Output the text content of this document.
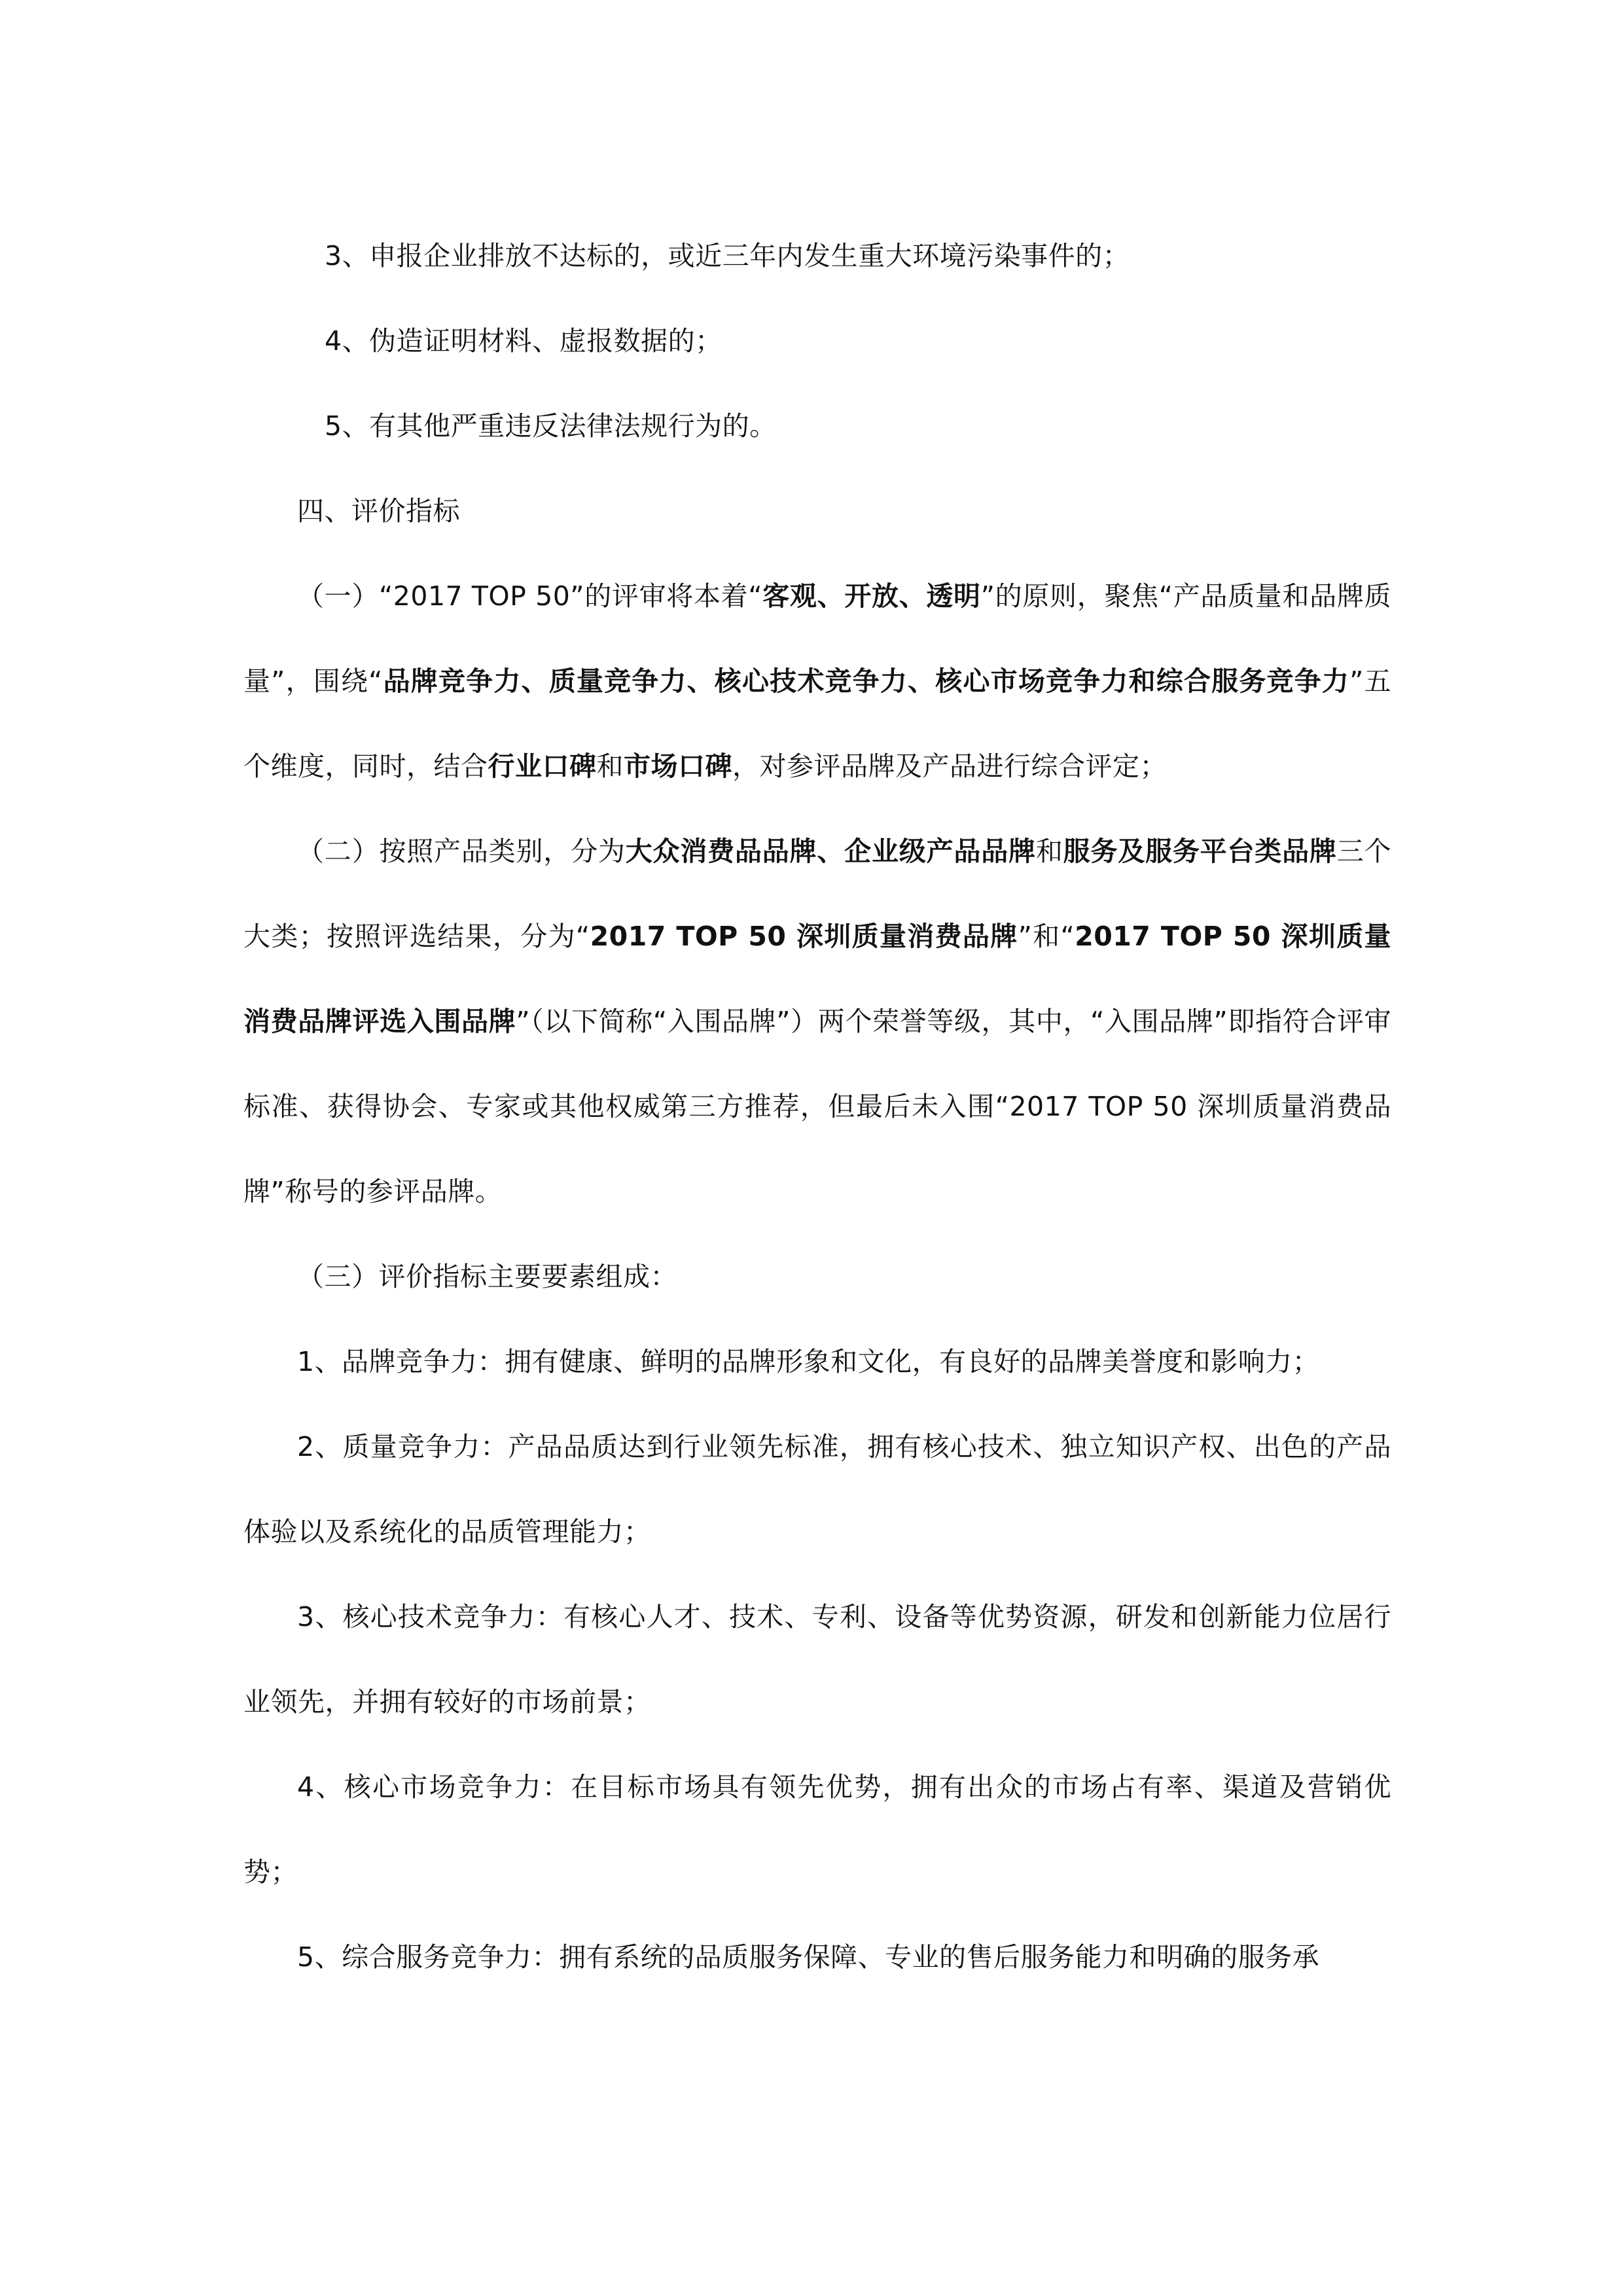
3、申报企业排放不达标的，或近三年内发生重大环境污染事件的；

4、伪造证明材料、虚报数据的；

5、有其他严重违反法律法规行为的。

四、评价指标

（一）“2017 TOP 50”的评审将本着“客观、开放、透明”的原则，聚焦“产品质量和品牌质量”，围绕“品牌竞争力、质量竞争力、核心技术竞争力、核心市场竞争力和综合服务竞争力”五个维度，同时，结合行业口碑和市场口碑，对参评品牌及产品进行综合评定；

（二）按照产品类别，分为大众消费品品牌、企业级产品品牌和服务及服务平台类品牌三个大类；按照评选结果，分为“2017 TOP 50 深圳质量消费品牌”和“2017 TOP 50 深圳质量消费品牌评选入围品牌”（以下简称“入围品牌”）两个荣誉等级，其中，“入围品牌”即指符合评审标准、获得协会、专家或其他权威第三方推荐，但最后未入围“2017 TOP 50 深圳质量消费品牌”称号的参评品牌。

（三）评价指标主要要素组成：

1、品牌竞争力：拥有健康、鲜明的品牌形象和文化，有良好的品牌美誉度和影响力；

2、质量竞争力：产品品质达到行业领先标准，拥有核心技术、独立知识产权、出色的产品体验以及系统化的品质管理能力；

3、核心技术竞争力：有核心人才、技术、专利、设备等优势资源，研发和创新能力位居行业领先，并拥有较好的市场前景；

4、核心市场竞争力：在目标市场具有领先优势，拥有出众的市场占有率、渠道及营销优势；

5、综合服务竞争力：拥有系统的品质服务保障、专业的售后服务能力和明确的服务承
